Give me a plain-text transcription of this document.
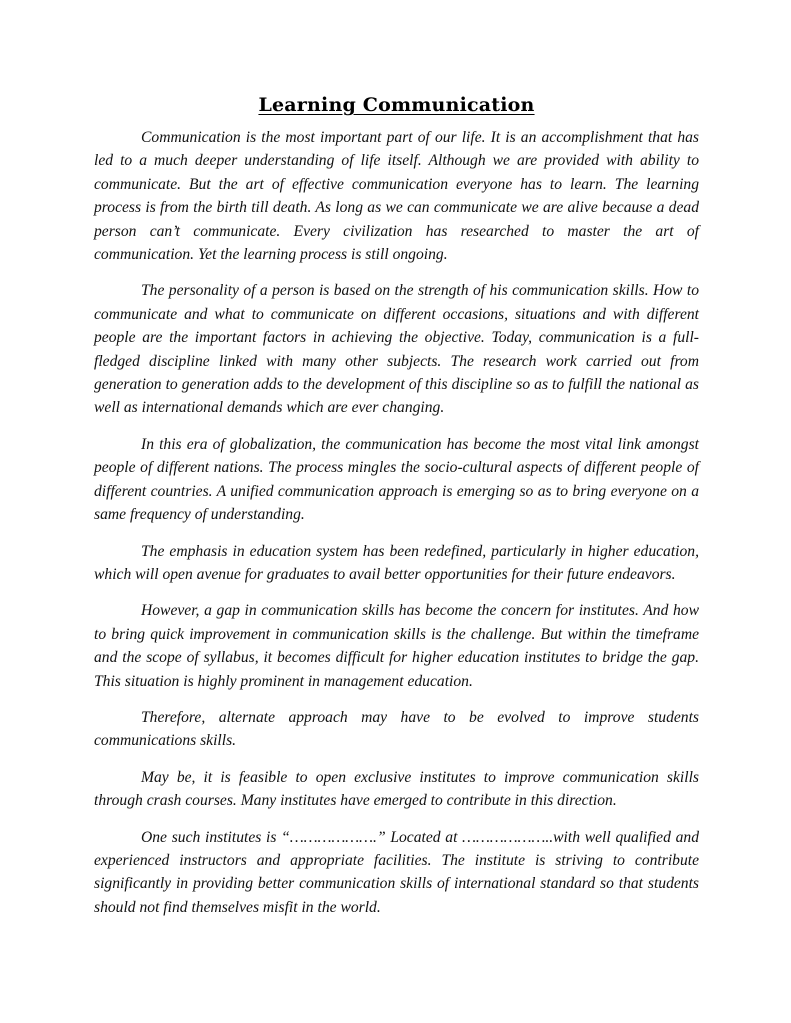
Learning Communication

Communication is the most important part of our life. It is an accomplishment that has led to a much deeper understanding of life itself. Although we are provided with ability to communicate. But the art of effective communication everyone has to learn. The learning process is from the birth till death. As long as we can communicate we are alive because a dead person can’t communicate. Every civilization has researched to master the art of communication. Yet the learning process is still ongoing.

The personality of a person is based on the strength of his communication skills. How to communicate and what to communicate on different occasions, situations and with different people are the important factors in achieving the objective. Today, communication is a full-fledged discipline linked with many other subjects. The research work carried out from generation to generation adds to the development of this discipline so as to fulfill the national as well as international demands which are ever changing.

In this era of globalization, the communication has become the most vital link amongst people of different nations. The process mingles the socio-cultural aspects of different people of different countries. A unified communication approach is emerging so as to bring everyone on a same frequency of understanding.

The emphasis in education system has been redefined, particularly in higher education, which will open avenue for graduates to avail better opportunities for their future endeavors.

However, a gap in communication skills has become the concern for institutes. And how to bring quick improvement in communication skills is the challenge. But within the timeframe and the scope of syllabus, it becomes difficult for higher education institutes to bridge the gap. This situation is highly prominent in management education.

Therefore, alternate approach may have to be evolved to improve students communications skills.

May be, it is feasible to open exclusive institutes to improve communication skills through crash courses. Many institutes have emerged to contribute in this direction.

One such institutes is “……………….” Located at ………………..with well qualified and experienced instructors and appropriate facilities. The institute is striving to contribute significantly in providing better communication skills of international standard so that students should not find themselves misfit in the world.
